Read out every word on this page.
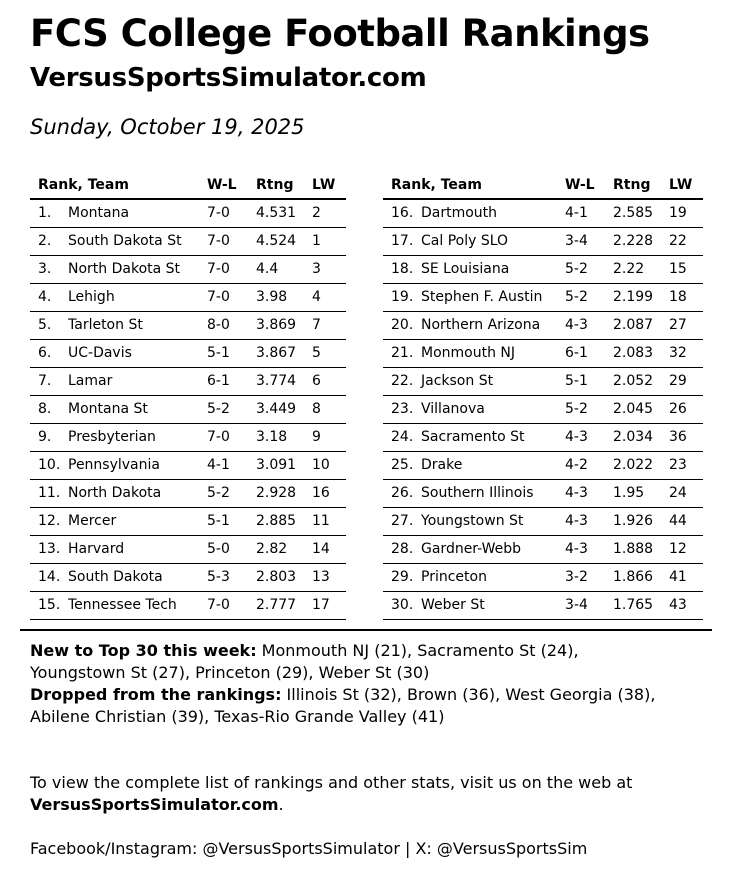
FCS College Football Rankings
VersusSportsSimulator.com
Sunday, October 19, 2025
Rank, Team		W-L	Rtng	LW
1.	Montana	7-0	4.531	2
2.	South Dakota St	7-0	4.524	1
3.	North Dakota St	7-0	4.4	3
4.	Lehigh	7-0	3.98	4
5.	Tarleton St	8-0	3.869	7
6.	UC-Davis	5-1	3.867	5
7.	Lamar	6-1	3.774	6
8.	Montana St	5-2	3.449	8
9.	Presbyterian	7-0	3.18	9
10.	Pennsylvania	4-1	3.091	10
11.	North Dakota	5-2	2.928	16
12.	Mercer	5-1	2.885	11
13.	Harvard	5-0	2.82	14
14.	South Dakota	5-3	2.803	13
15.	Tennessee Tech	7-0	2.777	17
Rank, Team		W-L	Rtng	LW
16.	Dartmouth	4-1	2.585	19
17.	Cal Poly SLO	3-4	2.228	22
18.	SE Louisiana	5-2	2.22	15
19.	Stephen F. Austin	5-2	2.199	18
20.	Northern Arizona	4-3	2.087	27
21.	Monmouth NJ	6-1	2.083	32
22.	Jackson St	5-1	2.052	29
23.	Villanova	5-2	2.045	26
24.	Sacramento St	4-3	2.034	36
25.	Drake	4-2	2.022	23
26.	Southern Illinois	4-3	1.95	24
27.	Youngstown St	4-3	1.926	44
28.	Gardner-Webb	4-3	1.888	12
29.	Princeton	3-2	1.866	41
30.	Weber St	3-4	1.765	43

New to Top 30 this week: Monmouth NJ (21), Sacramento St (24),

Youngstown St (27), Princeton (29), Weber St (30)

Dropped from the rankings: Illinois St (32), Brown (36), West Georgia (38),

Abilene Christian (39), Texas-Rio Grande Valley (41)

To view the complete list of rankings and other stats, visit us on the web at

VersusSportsSimulator.com.

Facebook/Instagram: @VersusSportsSimulator | X: @VersusSportsSim
